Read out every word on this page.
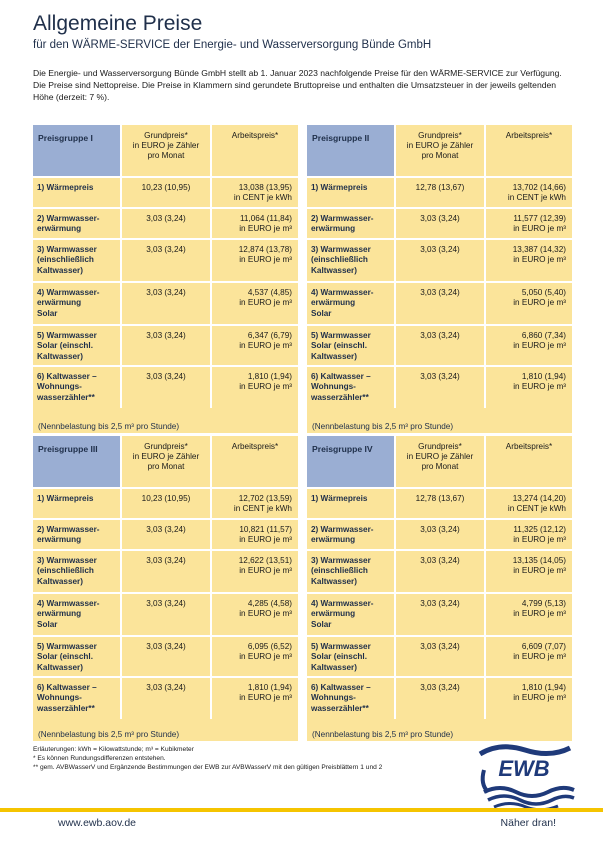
Allgemeine Preise
für den WÄRME-SERVICE der Energie- und Wasserversorgung Bünde GmbH
Die Energie- und Wasserversorgung Bünde GmbH stellt ab 1. Januar 2023 nachfolgende Preise für den WÄRME-SERVICE zur Verfügung. Die Preise sind Nettopreise. Die Preise in Klammern sind gerundete Bruttopreise und enthalten die Umsatzsteuer in der jeweils geltenden Höhe (derzeit: 7 %).
Preisgruppe I	Grundpreis*
in EURO je Zähler
pro Monat	Arbeitspreis*
1) Wärmepreis	10,23 (10,95)	13,038 (13,95)
in CENT je kWh
2) Warmwasser-
erwärmung	3,03 (3,24)	11,064 (11,84)
in EURO je m³
3) Warmwasser
(einschließlich
Kaltwasser)	3,03 (3,24)	12,874 (13,78)
in EURO je m³
4) Warmwasser-
erwärmung
Solar	3,03 (3,24)	4,537 (4,85)
in EURO je m³
5) Warmwasser
Solar (einschl.
Kaltwasser)	3,03 (3,24)	6,347 (6,79)
in EURO je m³
6) Kaltwasser –
Wohnungs-
wasserzähler**	3,03 (3,24)	1,810 (1,94)
in EURO je m³
(Nennbelastung bis 2,5 m³ pro Stunde)
Preisgruppe II	Grundpreis*
in EURO je Zähler
pro Monat	Arbeitspreis*
1) Wärmepreis	12,78 (13,67)	13,702 (14,66)
in CENT je kWh
2) Warmwasser-
erwärmung	3,03 (3,24)	11,577 (12,39)
in EURO je m³
3) Warmwasser
(einschließlich
Kaltwasser)	3,03 (3,24)	13,387 (14,32)
in EURO je m³
4) Warmwasser-
erwärmung
Solar	3,03 (3,24)	5,050 (5,40)
in EURO je m³
5) Warmwasser
Solar (einschl.
Kaltwasser)	3,03 (3,24)	6,860 (7,34)
in EURO je m³
6) Kaltwasser –
Wohnungs-
wasserzähler**	3,03 (3,24)	1,810 (1,94)
in EURO je m³
(Nennbelastung bis 2,5 m³ pro Stunde)
Preisgruppe III	Grundpreis*
in EURO je Zähler
pro Monat	Arbeitspreis*
1) Wärmepreis	10,23 (10,95)	12,702 (13,59)
in CENT je kWh
2) Warmwasser-
erwärmung	3,03 (3,24)	10,821 (11,57)
in EURO je m³
3) Warmwasser
(einschließlich
Kaltwasser)	3,03 (3,24)	12,622 (13,51)
in EURO je m³
4) Warmwasser-
erwärmung
Solar	3,03 (3,24)	4,285 (4,58)
in EURO je m³
5) Warmwasser
Solar (einschl.
Kaltwasser)	3,03 (3,24)	6,095 (6,52)
in EURO je m³
6) Kaltwasser –
Wohnungs-
wasserzähler**	3,03 (3,24)	1,810 (1,94)
in EURO je m³
(Nennbelastung bis 2,5 m³ pro Stunde)
Preisgruppe IV	Grundpreis*
in EURO je Zähler
pro Monat	Arbeitspreis*
1) Wärmepreis	12,78 (13,67)	13,274 (14,20)
in CENT je kWh
2) Warmwasser-
erwärmung	3,03 (3,24)	11,325 (12,12)
in EURO je m³
3) Warmwasser
(einschließlich
Kaltwasser)	3,03 (3,24)	13,135 (14,05)
in EURO je m³
4) Warmwasser-
erwärmung
Solar	3,03 (3,24)	4,799 (5,13)
in EURO je m³
5) Warmwasser
Solar (einschl.
Kaltwasser)	3,03 (3,24)	6,609 (7,07)
in EURO je m³
6) Kaltwasser –
Wohnungs-
wasserzähler**	3,03 (3,24)	1,810 (1,94)
in EURO je m³
(Nennbelastung bis 2,5 m³ pro Stunde)
Erläuterungen: kWh = Kilowattstunde; m³ = Kubikmeter
* Es können Rundungsdifferenzen entstehen.
** gem. AVBWasserV und Ergänzende Bestimmungen der EWB zur AVBWasserV mit den gültigen Preisblättern 1 und 2	EWB
www.ewb.aov.de	Näher dran!
